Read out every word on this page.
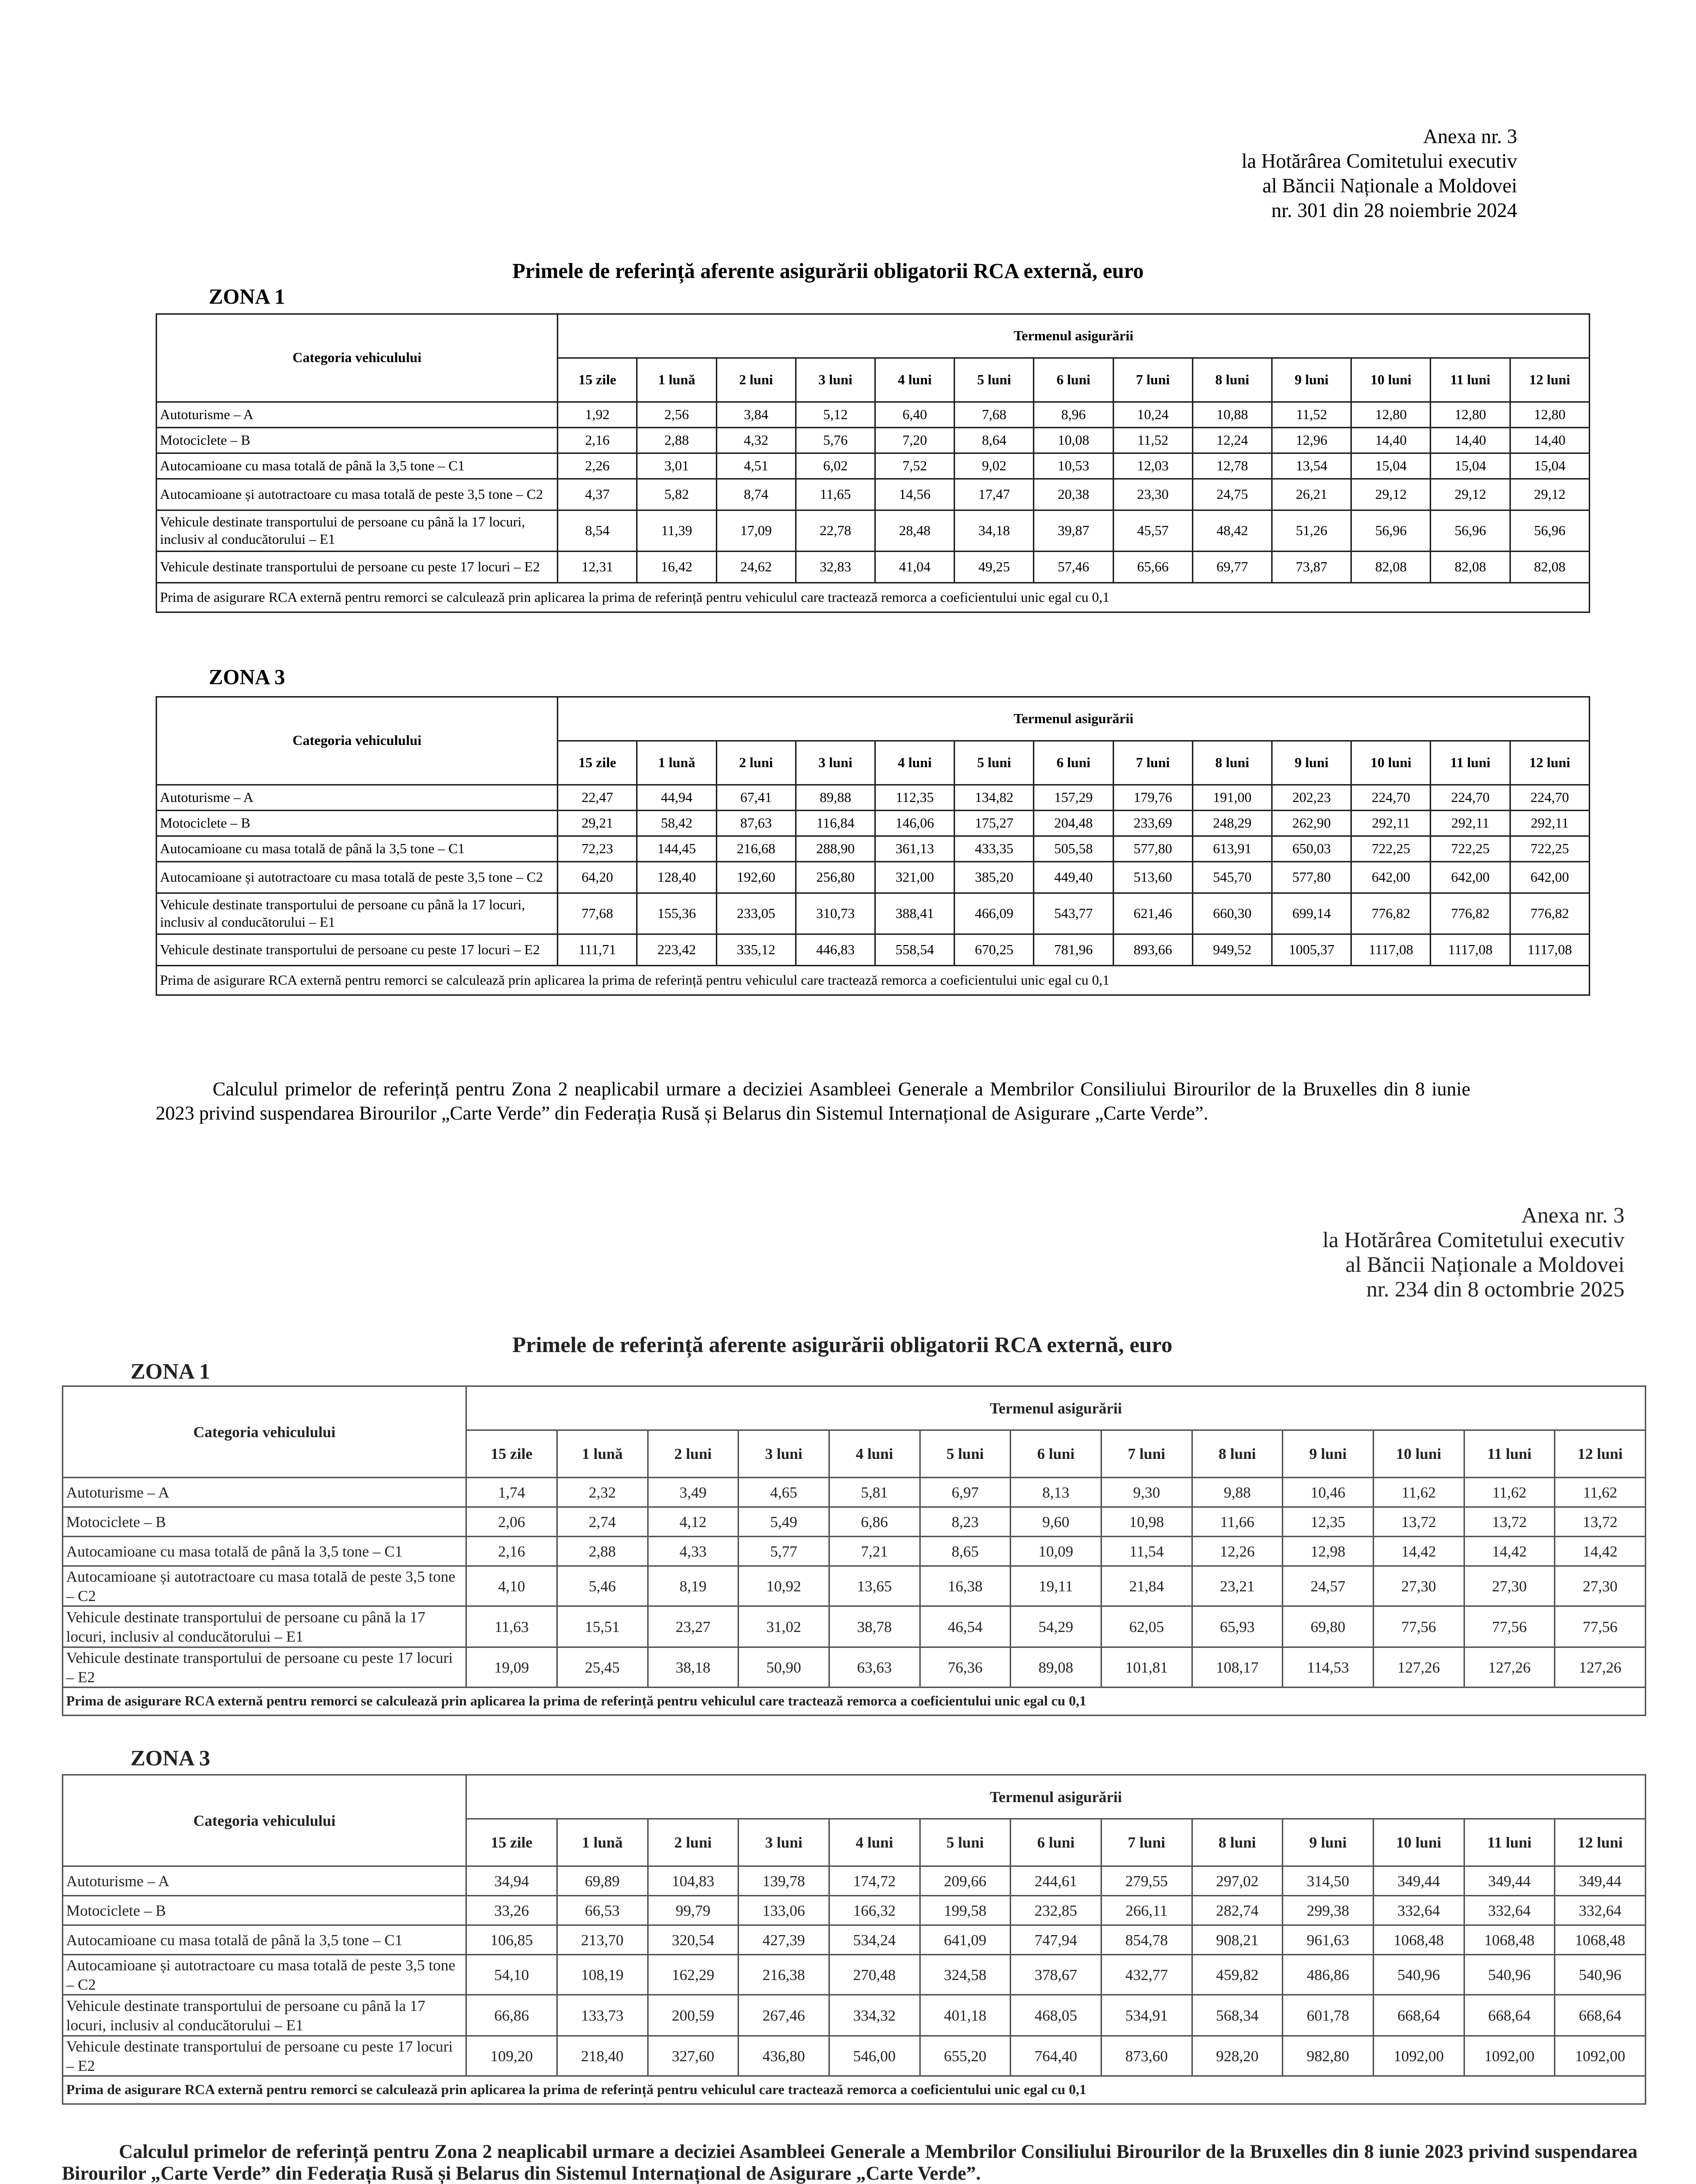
Anexa nr. 3
la Hotărârea Comitetului executiv
al Băncii Naționale a Moldovei
nr. 301 din 28 noiembrie 2024
Primele de referință aferente asigurării obligatorii RCA externă, euro
ZONA 1
Categoria vehiculului	Termenul asigurării												
	15 zile	1 lună	2 luni	3 luni	4 luni	5 luni	6 luni	7 luni	8 luni	9 luni	10 luni	11 luni	12 luni
Autoturisme – A	1,92	2,56	3,84	5,12	6,40	7,68	8,96	10,24	10,88	11,52	12,80	12,80	12,80
Motociclete – B	2,16	2,88	4,32	5,76	7,20	8,64	10,08	11,52	12,24	12,96	14,40	14,40	14,40
Autocamioane cu masa totală de până la 3,5 tone – C1	2,26	3,01	4,51	6,02	7,52	9,02	10,53	12,03	12,78	13,54	15,04	15,04	15,04
Autocamioane și autotractoare cu masa totală de peste 3,5 tone – C2	4,37	5,82	8,74	11,65	14,56	17,47	20,38	23,30	24,75	26,21	29,12	29,12	29,12
Vehicule destinate transportului de persoane cu până la 17 locuri, inclusiv al conducătorului – E1	8,54	11,39	17,09	22,78	28,48	34,18	39,87	45,57	48,42	51,26	56,96	56,96	56,96
Vehicule destinate transportului de persoane cu peste 17 locuri – E2	12,31	16,42	24,62	32,83	41,04	49,25	57,46	65,66	69,77	73,87	82,08	82,08	82,08
Prima de asigurare RCA externă pentru remorci se calculează prin aplicarea la prima de referință pentru vehiculul care tractează remorca a coeficientului unic egal cu 0,1													
ZONA 3
Categoria vehiculului	Termenul asigurării												
	15 zile	1 lună	2 luni	3 luni	4 luni	5 luni	6 luni	7 luni	8 luni	9 luni	10 luni	11 luni	12 luni
Autoturisme – A	22,47	44,94	67,41	89,88	112,35	134,82	157,29	179,76	191,00	202,23	224,70	224,70	224,70
Motociclete – B	29,21	58,42	87,63	116,84	146,06	175,27	204,48	233,69	248,29	262,90	292,11	292,11	292,11
Autocamioane cu masa totală de până la 3,5 tone – C1	72,23	144,45	216,68	288,90	361,13	433,35	505,58	577,80	613,91	650,03	722,25	722,25	722,25
Autocamioane și autotractoare cu masa totală de peste 3,5 tone – C2	64,20	128,40	192,60	256,80	321,00	385,20	449,40	513,60	545,70	577,80	642,00	642,00	642,00
Vehicule destinate transportului de persoane cu până la 17 locuri, inclusiv al conducătorului – E1	77,68	155,36	233,05	310,73	388,41	466,09	543,77	621,46	660,30	699,14	776,82	776,82	776,82
Vehicule destinate transportului de persoane cu peste 17 locuri – E2	111,71	223,42	335,12	446,83	558,54	670,25	781,96	893,66	949,52	1005,37	1117,08	1117,08	1117,08
Prima de asigurare RCA externă pentru remorci se calculează prin aplicarea la prima de referință pentru vehiculul care tractează remorca a coeficientului unic egal cu 0,1													

Calculul primelor de referință pentru Zona 2 neaplicabil urmare a deciziei Asambleei Generale a Membrilor Consiliului Birourilor de la Bruxelles din 8 iunie 2023 privind suspendarea Birourilor „Carte Verde” din Federația Rusă și Belarus din Sistemul Internațional de Asigurare „Carte Verde”.

Anexa nr. 3
la Hotărârea Comitetului executiv
al Băncii Naționale a Moldovei
nr. 234 din 8 octombrie 2025
Primele de referință aferente asigurării obligatorii RCA externă, euro
ZONA 1
Categoria vehiculului	Termenul asigurării												
	15 zile	1 lună	2 luni	3 luni	4 luni	5 luni	6 luni	7 luni	8 luni	9 luni	10 luni	11 luni	12 luni
Autoturisme – A	1,74	2,32	3,49	4,65	5,81	6,97	8,13	9,30	9,88	10,46	11,62	11,62	11,62
Motociclete – B	2,06	2,74	4,12	5,49	6,86	8,23	9,60	10,98	11,66	12,35	13,72	13,72	13,72
Autocamioane cu masa totală de până la 3,5 tone – C1	2,16	2,88	4,33	5,77	7,21	8,65	10,09	11,54	12,26	12,98	14,42	14,42	14,42
Autocamioane și autotractoare cu masa totală de peste 3,5 tone – C2	4,10	5,46	8,19	10,92	13,65	16,38	19,11	21,84	23,21	24,57	27,30	27,30	27,30
Vehicule destinate transportului de persoane cu până la 17 locuri, inclusiv al conducătorului – E1	11,63	15,51	23,27	31,02	38,78	46,54	54,29	62,05	65,93	69,80	77,56	77,56	77,56
Vehicule destinate transportului de persoane cu peste 17 locuri – E2	19,09	25,45	38,18	50,90	63,63	76,36	89,08	101,81	108,17	114,53	127,26	127,26	127,26
Prima de asigurare RCA externă pentru remorci se calculează prin aplicarea la prima de referință pentru vehiculul care tractează remorca a coeficientului unic egal cu 0,1													
ZONA 3
Categoria vehiculului	Termenul asigurării												
	15 zile	1 lună	2 luni	3 luni	4 luni	5 luni	6 luni	7 luni	8 luni	9 luni	10 luni	11 luni	12 luni
Autoturisme – A	34,94	69,89	104,83	139,78	174,72	209,66	244,61	279,55	297,02	314,50	349,44	349,44	349,44
Motociclete – B	33,26	66,53	99,79	133,06	166,32	199,58	232,85	266,11	282,74	299,38	332,64	332,64	332,64
Autocamioane cu masa totală de până la 3,5 tone – C1	106,85	213,70	320,54	427,39	534,24	641,09	747,94	854,78	908,21	961,63	1068,48	1068,48	1068,48
Autocamioane și autotractoare cu masa totală de peste 3,5 tone – C2	54,10	108,19	162,29	216,38	270,48	324,58	378,67	432,77	459,82	486,86	540,96	540,96	540,96
Vehicule destinate transportului de persoane cu până la 17 locuri, inclusiv al conducătorului – E1	66,86	133,73	200,59	267,46	334,32	401,18	468,05	534,91	568,34	601,78	668,64	668,64	668,64
Vehicule destinate transportului de persoane cu peste 17 locuri – E2	109,20	218,40	327,60	436,80	546,00	655,20	764,40	873,60	928,20	982,80	1092,00	1092,00	1092,00
Prima de asigurare RCA externă pentru remorci se calculează prin aplicarea la prima de referință pentru vehiculul care tractează remorca a coeficientului unic egal cu 0,1													

Calculul primelor de referință pentru Zona 2 neaplicabil urmare a deciziei Asambleei Generale a Membrilor Consiliului Birourilor de la Bruxelles din 8 iunie 2023 privind suspendarea Birourilor „Carte Verde” din Federația Rusă și Belarus din Sistemul Internațional de Asigurare „Carte Verde”.
